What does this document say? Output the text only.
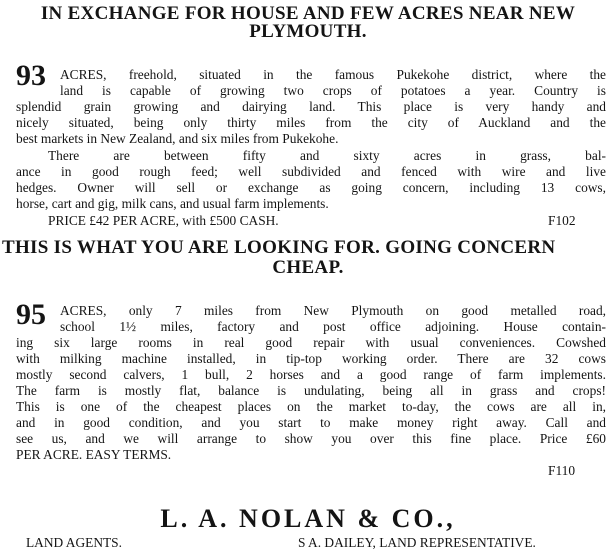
IN EXCHANGE FOR HOUSE AND FEW ACRES NEAR NEW
PLYMOUTH.
93 ACRES, freehold, situated in the famous Pukekohe district, where the
land is capable of growing two crops of potatoes a year. Country is
splendid grain growing and dairying land. This place is very handy and
nicely situated, being only thirty miles from the city of Auckland and the
best markets in New Zealand, and six miles from Pukekohe.
There are between fifty and sixty acres in grass, bal-
ance in good rough feed; well subdivided and fenced with wire and live
hedges. Owner will sell or exchange as going concern, including 13 cows,
horse, cart and gig, milk cans, and usual farm implements.
PRICE £42 PER ACRE, with £500 CASH.	F102
THIS IS WHAT YOU ARE LOOKING FOR. GOING CONCERN
CHEAP.
95 ACRES, only 7 miles from New Plymouth on good metalled road,
school 1½ miles, factory and post office adjoining. House contain-
ing six large rooms in real good repair with usual conveniences. Cowshed
with milking machine installed, in tip-top working order. There are 32 cows
mostly second calvers, 1 bull, 2 horses and a good range of farm implements.
The farm is mostly flat, balance is undulating, being all in grass and crops!
This is one of the cheapest places on the market to-day, the cows are all in,
and in good condition, and you start to make money right away. Call and
see us, and we will arrange to show you over this fine place. Price £60
PER ACRE. EASY TERMS.
F110
L. A. NOLAN & CO.,
LAND AGENTS.	S A. DAILEY, LAND REPRESENTATIVE.
